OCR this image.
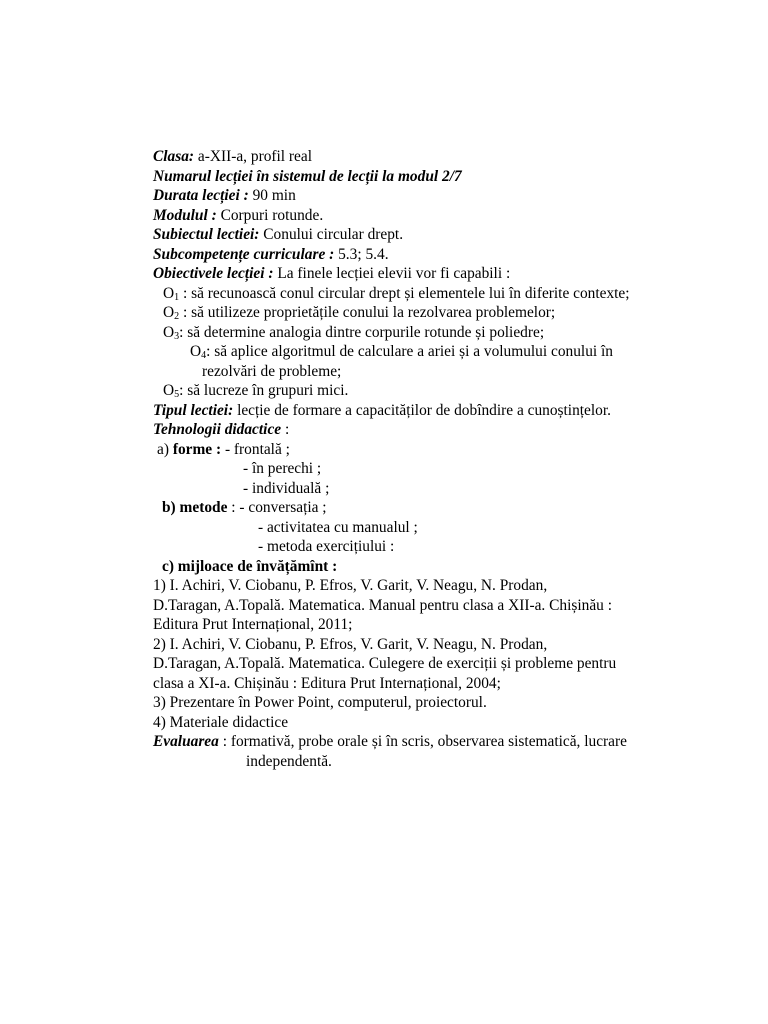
Clasa: a-XII-a, profil real
Numarul lecției în sistemul de lecții la modul 2/7
Durata lecției : 90 min
Modulul : Corpuri rotunde.
Subiectul lectiei: Conului circular drept.
Subcompetențe curriculare : 5.3; 5.4.
Obiectivele lecției : La finele lecției elevii vor fi capabili :
$O_1$ : să recunoască conul circular drept și elementele lui în diferite contexte;
$O_2$ : să utilizeze proprietățile conului la rezolvarea problemelor;
$O_3$: să determine analogia dintre corpurile rotunde și poliedre;
$O_4$: să aplice algoritmul de calculare a ariei și a volumului conului în
rezolvări de probleme;
$O_5$: să lucreze în grupuri mici.
Tipul lectiei: lecție de formare a capacităților de dobîndire a cunoștințelor.
Tehnologii didactice :
a) forme : - frontală ;
- în perechi ;
- individuală ;
b) metode : - conversația ;
- activitatea cu manualul ;
- metoda exercițiului :
c) mijloace de învățămînt :
1) I. Achiri, V. Ciobanu, P. Efros, V. Garit, V. Neagu, N. Prodan,
D.Taragan, A.Topală. Matematica. Manual pentru clasa a XII-a. Chișinău :
Editura Prut Internațional, 2011;
2) I. Achiri, V. Ciobanu, P. Efros, V. Garit, V. Neagu, N. Prodan,
D.Taragan, A.Topală. Matematica. Culegere de exerciții și probleme pentru
clasa a XI-a. Chișinău : Editura Prut Internațional, 2004;
3) Prezentare în Power Point, computerul, proiectorul.
4) Materiale didactice
Evaluarea : formativă, probe orale și în scris, observarea sistematică, lucrare
independentă.
